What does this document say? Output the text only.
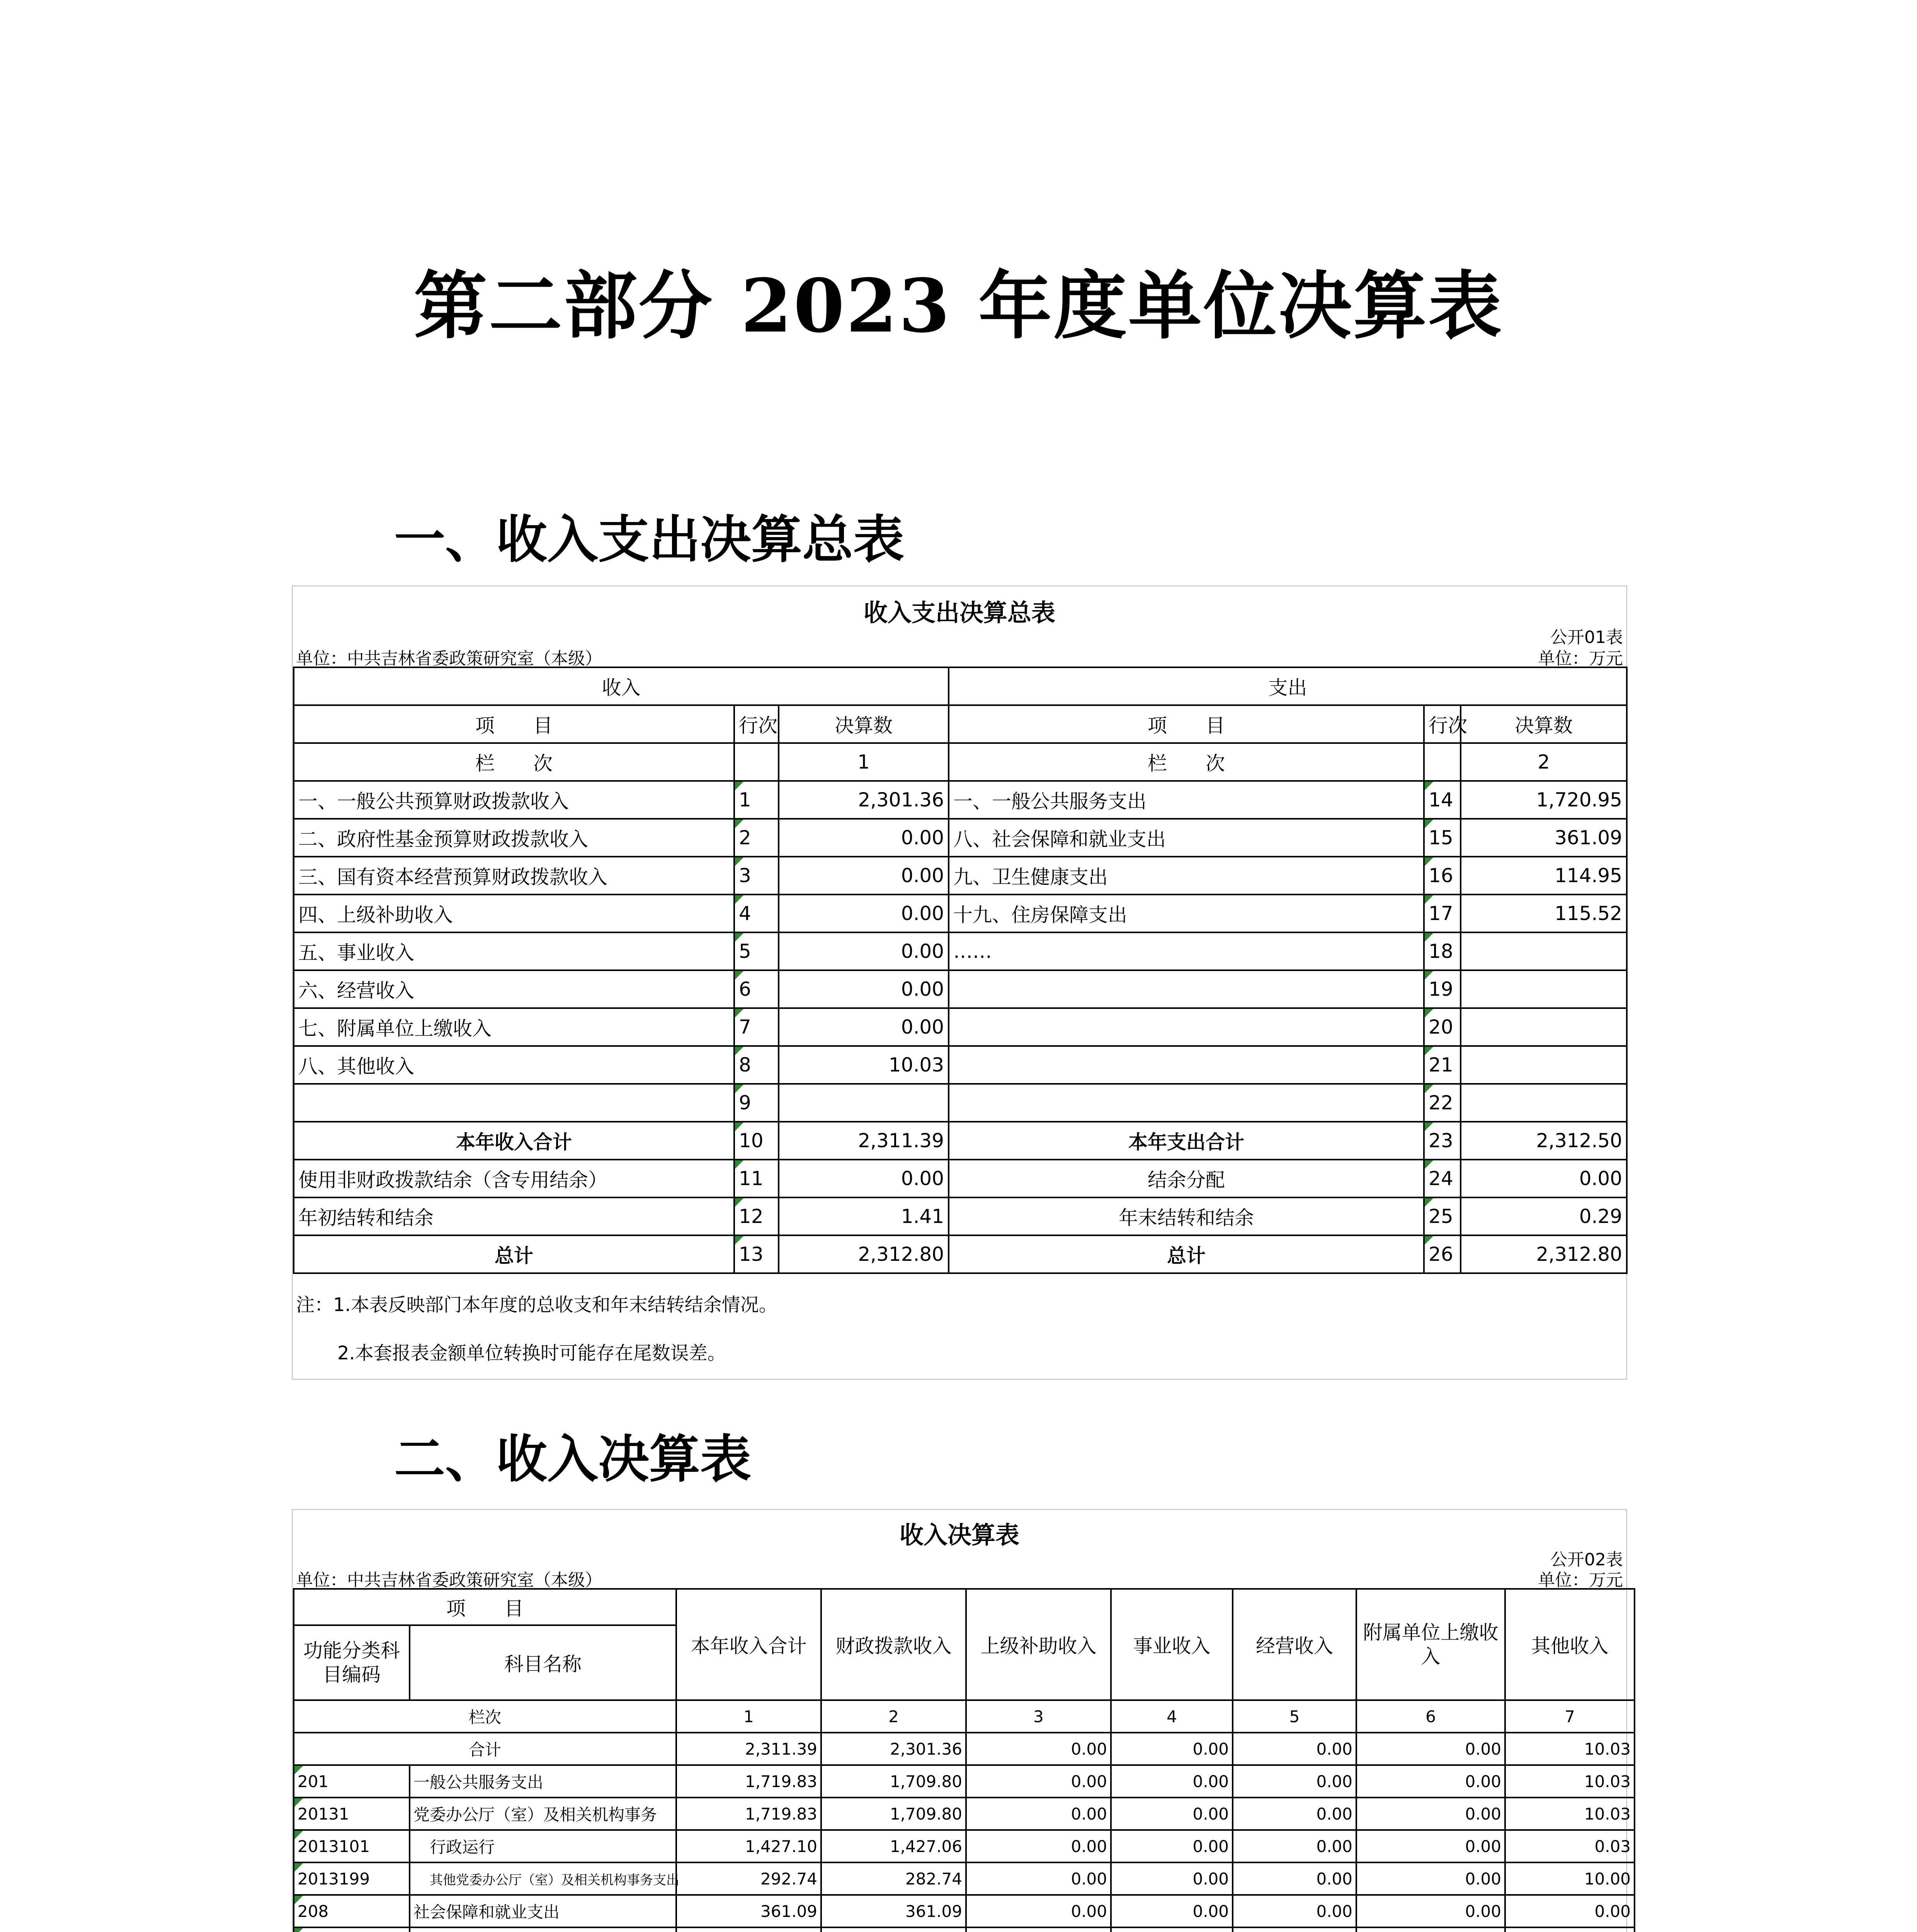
第二部分 2023 年度单位决算表
一、收入支出决算总表
收入支出决算总表
公开01表
单位：中共吉林省委政策研究室（本级）	单位：万元
收入			支出		
项　　目	行次	决算数	项　　目	行次	决算数
栏　　次		1	栏　　次		2
一、一般公共预算财政拨款收入	1	2,301.36	一、一般公共服务支出	14	1,720.95
二、政府性基金预算财政拨款收入	2	0.00	八、社会保障和就业支出	15	361.09
三、国有资本经营预算财政拨款收入	3	0.00	九、卫生健康支出	16	114.95
四、上级补助收入	4	0.00	十九、住房保障支出	17	115.52
五、事业收入	5	0.00	……	18	
六、经营收入	6	0.00		19	
七、附属单位上缴收入	7	0.00		20	
八、其他收入	8	10.03		21	
	9			22	
本年收入合计	10	2,311.39	本年支出合计	23	2,312.50
使用非财政拨款结余（含专用结余）	11	0.00	结余分配	24	0.00
年初结转和结余	12	1.41	年末结转和结余	25	0.29
总计	13	2,312.80	总计	26	2,312.80
注：1.本表反映部门本年度的总收支和年末结转结余情况。
2.本套报表金额单位转换时可能存在尾数误差。
二、收入决算表
收入决算表
公开02表
单位：中共吉林省委政策研究室（本级）	单位：万元
项　　目		本年收入合计	财政拨款收入	上级补助收入	事业收入	经营收入	附属单位上缴收入	其他收入
功能分类科目编码	科目名称							
栏次		1	2	3	4	5	6	7
合计		2,311.39	2,301.36	0.00	0.00	0.00	0.00	10.03
201	一般公共服务支出	1,719.83	1,709.80	0.00	0.00	0.00	0.00	10.03
20131	党委办公厅（室）及相关机构事务	1,719.83	1,709.80	0.00	0.00	0.00	0.00	10.03
2013101	行政运行	1,427.10	1,427.06	0.00	0.00	0.00	0.00	0.03
2013199	其他党委办公厅（室）及相关机构事务支出	292.74	282.74	0.00	0.00	0.00	0.00	10.00
208	社会保障和就业支出	361.09	361.09	0.00	0.00	0.00	0.00	0.00
